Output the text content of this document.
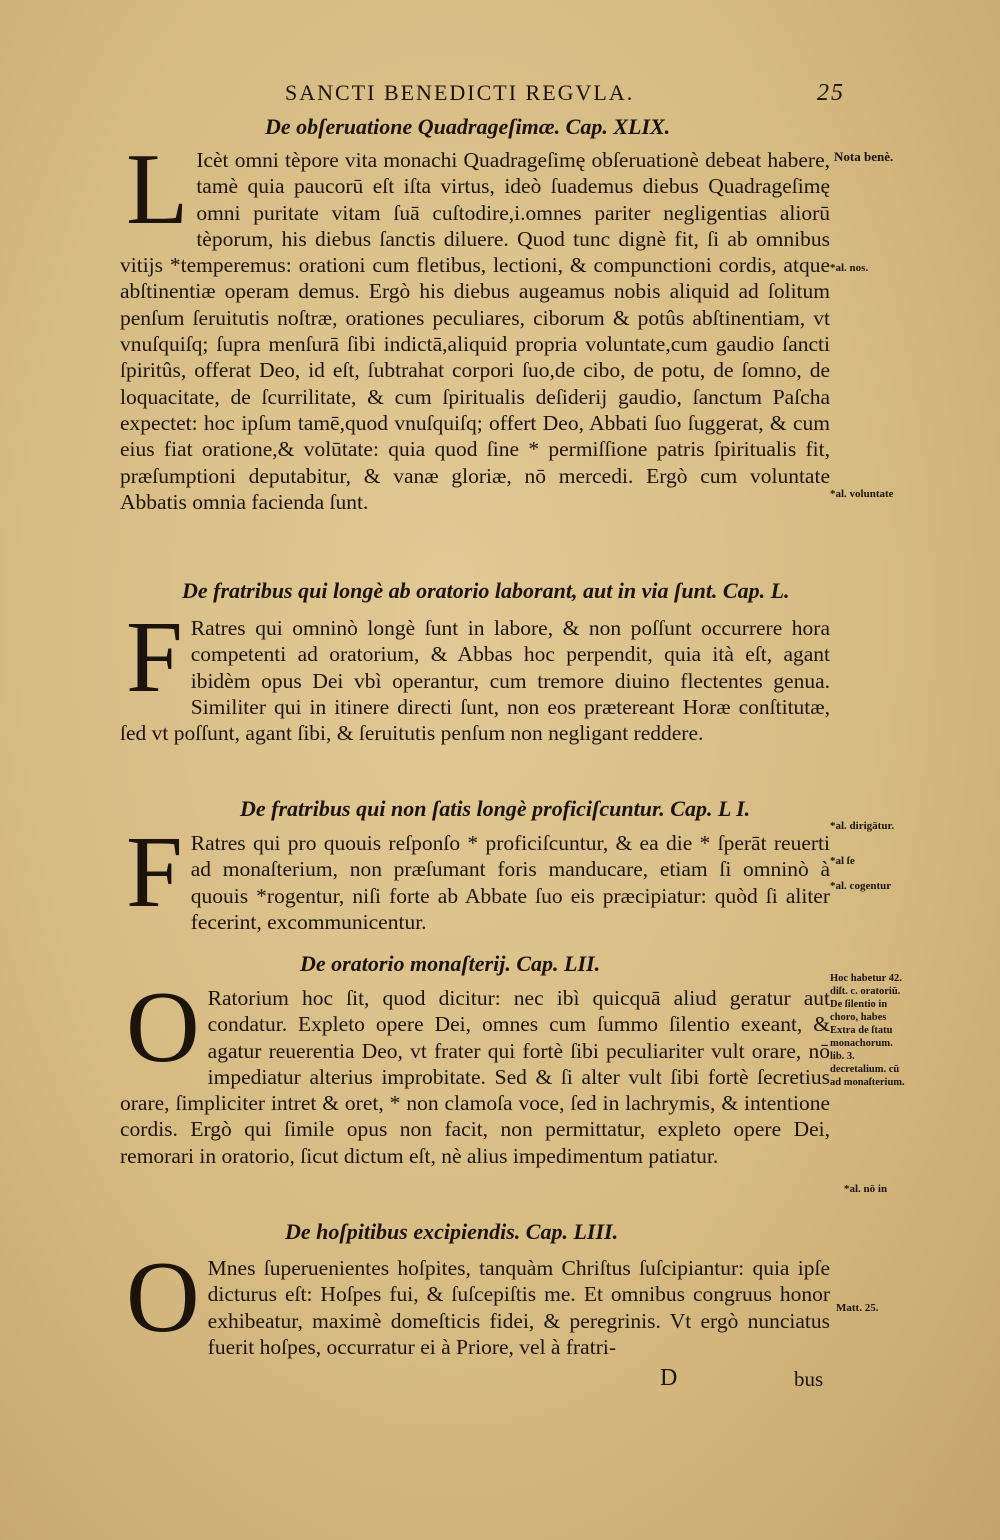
SANCTI BENEDICTI REGVLA.	25
De obſeruatione Quadrageſimæ. Cap. XLIX.

L Icèt omni tèpore vita monachi Quadrageſimę obſeruationè debeat habere, tamè quia paucorū eſt iſta virtus, ideò ſuademus diebus Quadrageſimę omni puritate vitam ſuā cuſtodire,i.omnes pariter negligentias aliorū tèporum, his diebus ſanctis diluere. Quod tunc dignè fit, ſi ab omnibus vitijs *temperemus: orationi cum fletibus, lectioni, & compunctioni cordis, atque abſtinentiæ operam demus. Ergò his diebus augeamus nobis aliquid ad ſolitum penſum ſeruitutis noſtræ, orationes peculiares, ciborum & potûs abſtinentiam, vt vnuſquiſq; ſupra menſurā ſibi indictā,aliquid propria voluntate,cum gaudio ſancti ſpiritûs, offerat Deo, id eſt, ſubtrahat corpori ſuo,de cibo, de potu, de ſomno, de loquacitate, de ſcurrilitate, & cum ſpiritualis deſiderij gaudio, ſanctum Paſcha expectet: hoc ipſum tamē,quod vnuſquiſq; offert Deo, Abbati ſuo ſuggerat, & cum eius fiat oratione,& volūtate: quia quod ſine * permiſſione patris ſpiritualis fit, præſumptioni deputabitur, & vanæ gloriæ, nō mercedi. Ergò cum voluntate Abbatis omnia facienda ſunt.

Nota benè.
*al. nos.
*al. voluntate
De fratribus qui longè ab oratorio laborant, aut in via ſunt. Cap. L.

F Ratres qui omninò longè ſunt in labore, & non poſſunt occurrere hora competenti ad oratorium, & Abbas hoc perpendit, quia ità eſt, agant ibidèm opus Dei vbì operantur, cum tremore diuino flectentes genua. Similiter qui in itinere directi ſunt, non eos prætereant Horæ conſtitutæ, ſed vt poſſunt, agant ſibi, & ſeruitutis penſum non negligant reddere.

De fratribus qui non ſatis longè proficiſcuntur. Cap. L I.

F Ratres qui pro quouis reſponſo * proficiſcuntur, & ea die * ſperāt reuerti ad monaſterium, non præſumant foris manducare, etiam ſi omninò à quouis *rogentur, niſi forte ab Abbate ſuo eis præcipiatur: quòd ſi aliter fecerint, excommunicentur.

*al. dirigātur.
*al ſe
*al. cogentur
De oratorio monaſterij. Cap. LII.

O Ratorium hoc ſit, quod dicitur: nec ibì quicquā aliud geratur aut condatur. Expleto opere Dei, omnes cum ſummo ſilentio exeant, & agatur reuerentia Deo, vt frater qui fortè ſibi peculiariter vult orare, nō impediatur alterius improbitate. Sed & ſi alter vult ſibi fortè ſecretius orare, ſimpliciter intret & oret, * non clamoſa voce, ſed in lachrymis, & intentione cordis. Ergò qui ſimile opus non facit, non permittatur, expleto opere Dei, remorari in oratorio, ſicut dictum eſt, nè alius impedimentum patiatur.

Hoc habetur 42. diſt. c. oratoriū. De ſilentio in choro, habes Extra de ſtatu monachorum. lib. 3. decretalium. cū ad monaſterium.
*al. nō in
De hoſpitibus excipiendis. Cap. LIII.

O Mnes ſuperuenientes hoſpites, tanquàm Chriſtus ſuſcipiantur: quia ipſe dicturus eſt: Hoſpes fui, & ſuſcepiſtis me. Et omnibus congruus honor exhibeatur, maximè domeſticis fidei, & peregrinis. Vt ergò nunciatus fuerit hoſpes, occurratur ei à Priore, vel à fratri-

Matt. 25.
D	bus
